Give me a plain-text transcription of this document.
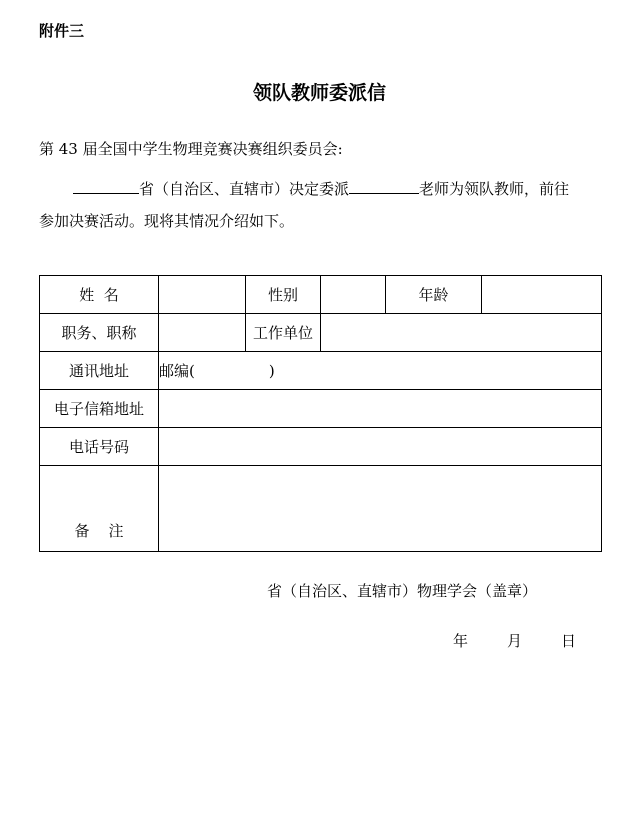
附件三
领队教师委派信
第 43 届全国中学生物理竞赛决赛组织委员会:
省（自治区、直辖市）决定委派	老师为领队教师，前往
参加决赛活动。现将其情况介绍如下。
姓  名		性别		年龄	
职务、职称		工作单位			
通讯地址	邮编( )				
电子信箱地址					
电话号码					
备    注					
省（自治区、直辖市）物理学会（盖章）
年	月	日
